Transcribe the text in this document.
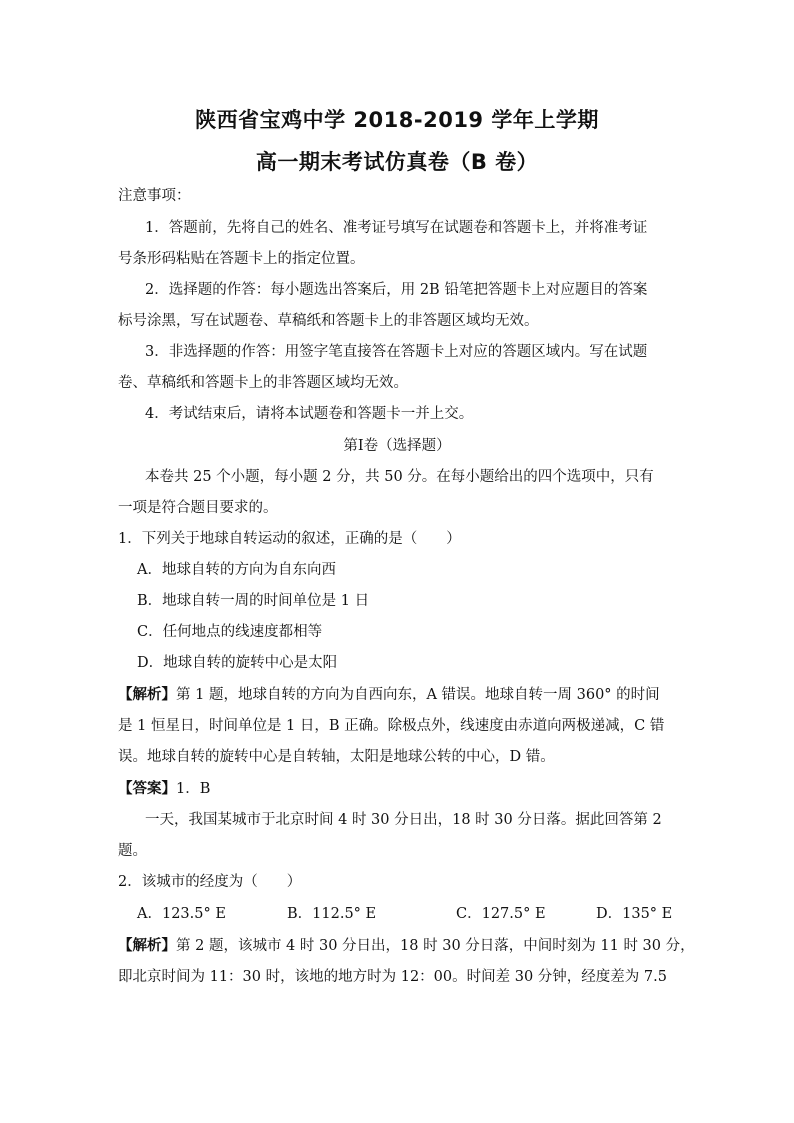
陕西省宝鸡中学 2018-2019 学年上学期
高一期末考试仿真卷（B 卷）
注意事项：
1．答题前，先将自己的姓名、准考证号填写在试题卷和答题卡上，并将准考证
号条形码粘贴在答题卡上的指定位置。
2．选择题的作答：每小题选出答案后，用 2B 铅笔把答题卡上对应题目的答案
标号涂黑，写在试题卷、草稿纸和答题卡上的非答题区域均无效。
3．非选择题的作答：用签字笔直接答在答题卡上对应的答题区域内。写在试题
卷、草稿纸和答题卡上的非答题区域均无效。
4．考试结束后，请将本试题卷和答题卡一并上交。
第Ⅰ卷（选择题）
本卷共 25 个小题，每小题 2 分，共 50 分。在每小题给出的四个选项中，只有
一项是符合题目要求的。
1．下列关于地球自转运动的叙述，正确的是（　　）
A．地球自转的方向为自东向西
B．地球自转一周的时间单位是 1 日
C．任何地点的线速度都相等
D．地球自转的旋转中心是太阳
【解析】第 1 题，地球自转的方向为自西向东，A 错误。地球自转一周 360° 的时间
是 1 恒星日，时间单位是 1 日，B 正确。除极点外，线速度由赤道向两极递减，C 错
误。地球自转的旋转中心是自转轴，太阳是地球公转的中心，D 错。
【答案】1．B
一天，我国某城市于北京时间 4 时 30 分日出，18 时 30 分日落。据此回答第 2
题。
2．该城市的经度为（　　）
A．123.5° E	B．112.5° E	C．127.5° E	D．135° E
【解析】第 2 题，该城市 4 时 30 分日出，18 时 30 分日落，中间时刻为 11 时 30 分，
即北京时间为 11：30 时，该地的地方时为 12：00。时间差 30 分钟，经度差为 7.5
